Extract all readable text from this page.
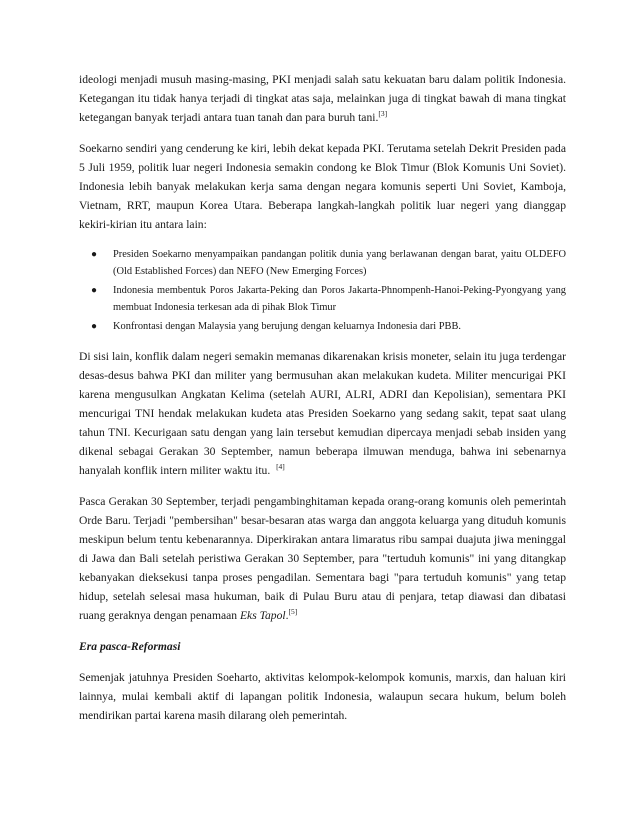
ideologi menjadi musuh masing-masing, PKI menjadi salah satu kekuatan baru dalam politik Indonesia. Ketegangan itu tidak hanya terjadi di tingkat atas saja, melainkan juga di tingkat bawah di mana tingkat ketegangan banyak terjadi antara tuan tanah dan para buruh tani.[3]

Soekarno sendiri yang cenderung ke kiri, lebih dekat kepada PKI. Terutama setelah Dekrit Presiden pada 5 Juli 1959, politik luar negeri Indonesia semakin condong ke Blok Timur (Blok Komunis Uni Soviet). Indonesia lebih banyak melakukan kerja sama dengan negara komunis seperti Uni Soviet, Kamboja, Vietnam, RRT, maupun Korea Utara. Beberapa langkah-langkah politik luar negeri yang dianggap kekiri-kirian itu antara lain:

● Presiden Soekarno menyampaikan pandangan politik dunia yang berlawanan dengan barat, yaitu OLDEFO (Old Established Forces) dan NEFO (New Emerging Forces)
● Indonesia membentuk Poros Jakarta-Peking dan Poros Jakarta-Phnompenh-Hanoi-Peking-Pyongyang yang membuat Indonesia terkesan ada di pihak Blok Timur
● Konfrontasi dengan Malaysia yang berujung dengan keluarnya Indonesia dari PBB.

Di sisi lain, konflik dalam negeri semakin memanas dikarenakan krisis moneter, selain itu juga terdengar desas-desus bahwa PKI dan militer yang bermusuhan akan melakukan kudeta. Militer mencurigai PKI karena mengusulkan Angkatan Kelima (setelah AURI, ALRI, ADRI dan Kepolisian), sementara PKI mencurigai TNI hendak melakukan kudeta atas Presiden Soekarno yang sedang sakit, tepat saat ulang tahun TNI. Kecurigaan satu dengan yang lain tersebut kemudian dipercaya menjadi sebab insiden yang dikenal sebagai Gerakan 30 September, namun beberapa ilmuwan menduga, bahwa ini sebenarnya hanyalah konflik intern militer waktu itu. [4]

Pasca Gerakan 30 September, terjadi pengambinghitaman kepada orang-orang komunis oleh pemerintah Orde Baru. Terjadi "pembersihan" besar-besaran atas warga dan anggota keluarga yang dituduh komunis meskipun belum tentu kebenarannya. Diperkirakan antara limaratus ribu sampai duajuta jiwa meninggal di Jawa dan Bali setelah peristiwa Gerakan 30 September, para "tertuduh komunis" ini yang ditangkap kebanyakan dieksekusi tanpa proses pengadilan. Sementara bagi "para tertuduh komunis" yang tetap hidup, setelah selesai masa hukuman, baik di Pulau Buru atau di penjara, tetap diawasi dan dibatasi ruang geraknya dengan penamaan Eks Tapol.[5]

Era pasca-Reformasi

Semenjak jatuhnya Presiden Soeharto, aktivitas kelompok-kelompok komunis, marxis, dan haluan kiri lainnya, mulai kembali aktif di lapangan politik Indonesia, walaupun secara hukum, belum boleh mendirikan partai karena masih dilarang oleh pemerintah.
